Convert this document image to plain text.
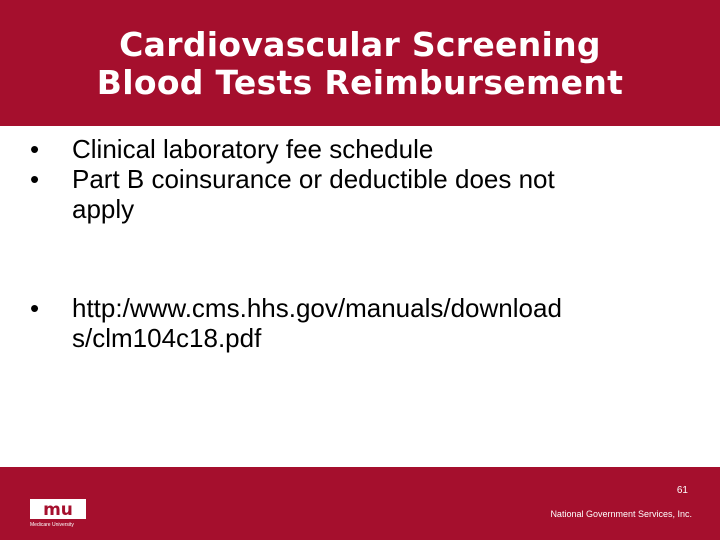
Cardiovascular Screening
Blood Tests Reimbursement
• Clinical laboratory fee schedule
• Part B coinsurance or deductible does not
apply
• http:/www.cms.hhs.gov/manuals/download
s/clm104c18.pdf
mu
Medicare University
61
National Government Services, Inc.
